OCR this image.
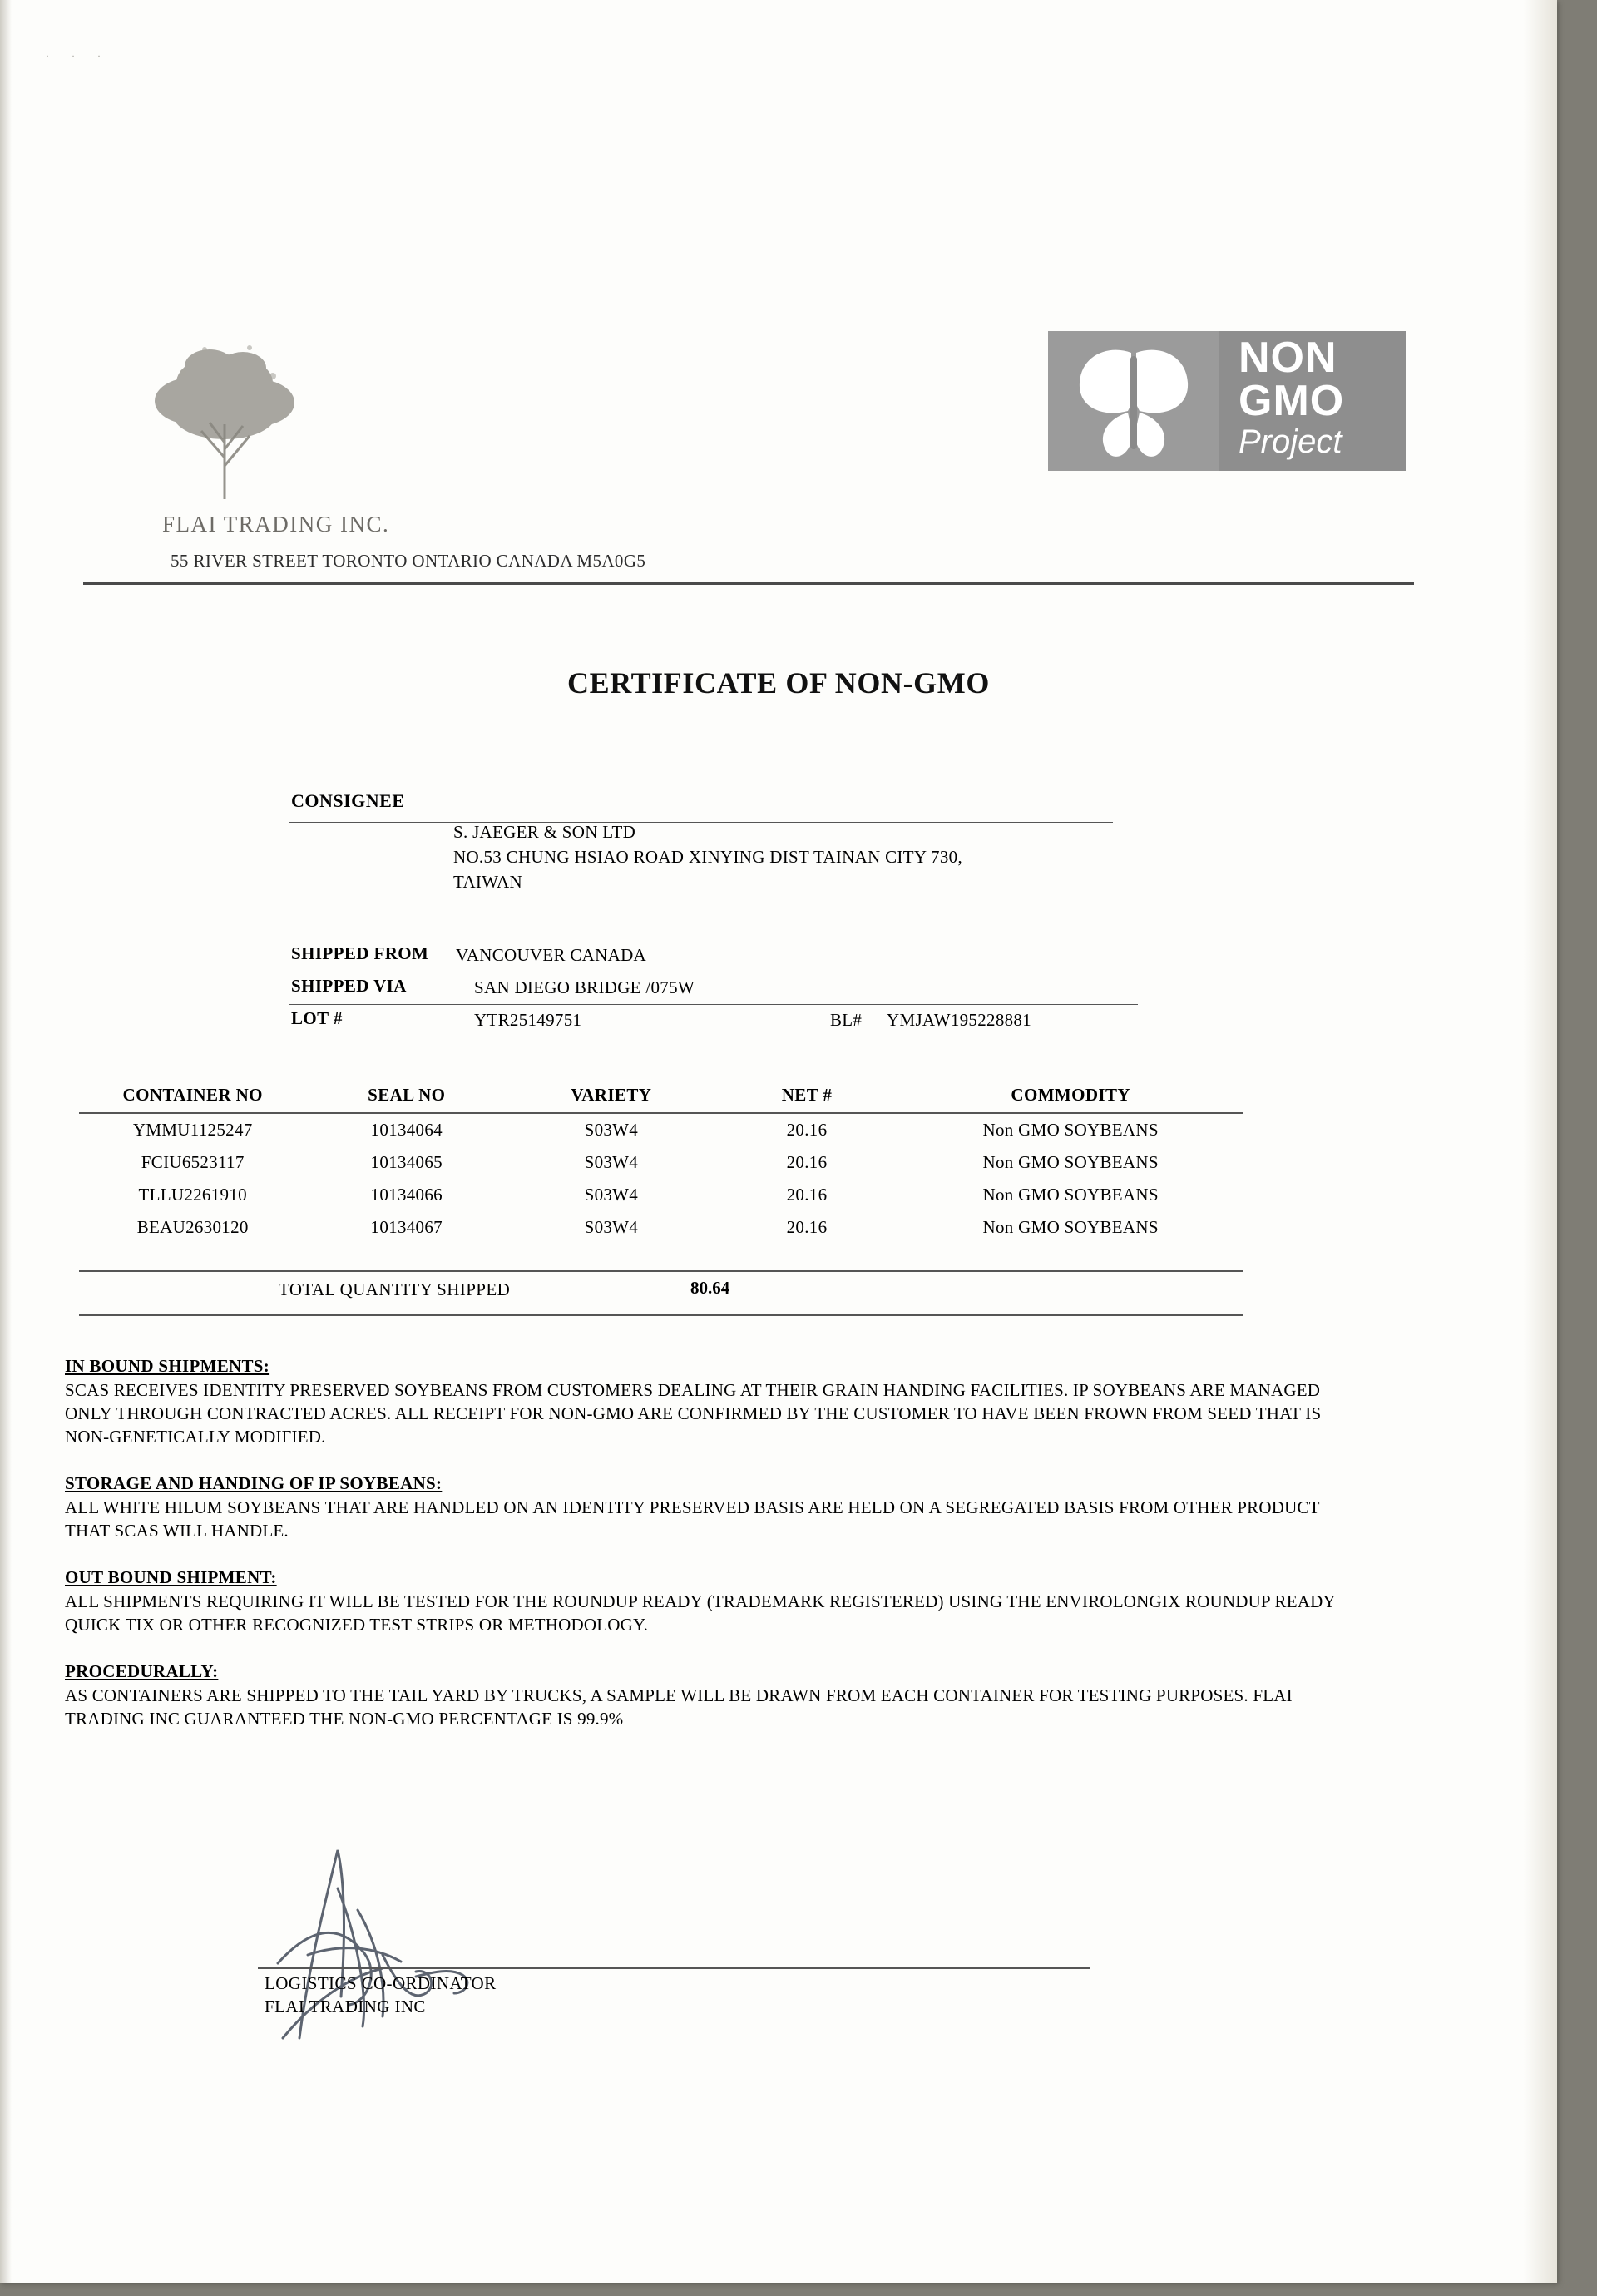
· · ·
FLAI TRADING INC.
55 RIVER STREET TORONTO ONTARIO CANADA M5A0G5
NON
GMO
Project
CERTIFICATE OF NON-GMO
CONSIGNEE
S. JAEGER & SON LTD
NO.53 CHUNG HSIAO ROAD XINYING DIST TAINAN CITY 730,
TAIWAN
SHIPPED FROM VANCOUVER CANADA
SHIPPED VIA	SAN DIEGO BRIDGE /075W
LOT #	YTR25149751	BL# YMJAW195228881
CONTAINER NO	SEAL NO	VARIETY	NET #	COMMODITY
YMMU1125247	10134064	S03W4	20.16	Non GMO SOYBEANS
FCIU6523117	10134065	S03W4	20.16	Non GMO SOYBEANS
TLLU2261910	10134066	S03W4	20.16	Non GMO SOYBEANS
BEAU2630120	10134067	S03W4	20.16	Non GMO SOYBEANS
TOTAL QUANTITY SHIPPED	80.64
IN BOUND SHIPMENTS:

SCAS RECEIVES IDENTITY PRESERVED SOYBEANS FROM CUSTOMERS DEALING AT THEIR GRAIN HANDING FACILITIES. IP SOYBEANS ARE MANAGED ONLY THROUGH CONTRACTED ACRES. ALL RECEIPT FOR NON-GMO ARE CONFIRMED BY THE CUSTOMER TO HAVE BEEN FROWN FROM SEED THAT IS NON-GENETICALLY MODIFIED.

STORAGE AND HANDING OF IP SOYBEANS:

ALL WHITE HILUM SOYBEANS THAT ARE HANDLED ON AN IDENTITY PRESERVED BASIS ARE HELD ON A SEGREGATED BASIS FROM OTHER PRODUCT THAT SCAS WILL HANDLE.

OUT BOUND SHIPMENT:

ALL SHIPMENTS REQUIRING IT WILL BE TESTED FOR THE ROUNDUP READY (TRADEMARK REGISTERED) USING THE ENVIROLONGIX ROUNDUP READY QUICK TIX OR OTHER RECOGNIZED TEST STRIPS OR METHODOLOGY.

PROCEDURALLY:

AS CONTAINERS ARE SHIPPED TO THE TAIL YARD BY TRUCKS, A SAMPLE WILL BE DRAWN FROM EACH CONTAINER FOR TESTING PURPOSES. FLAI TRADING INC GUARANTEED THE NON-GMO PERCENTAGE IS 99.9%

LOGISTICS CO-ORDINATOR
FLAI TRADING INC
